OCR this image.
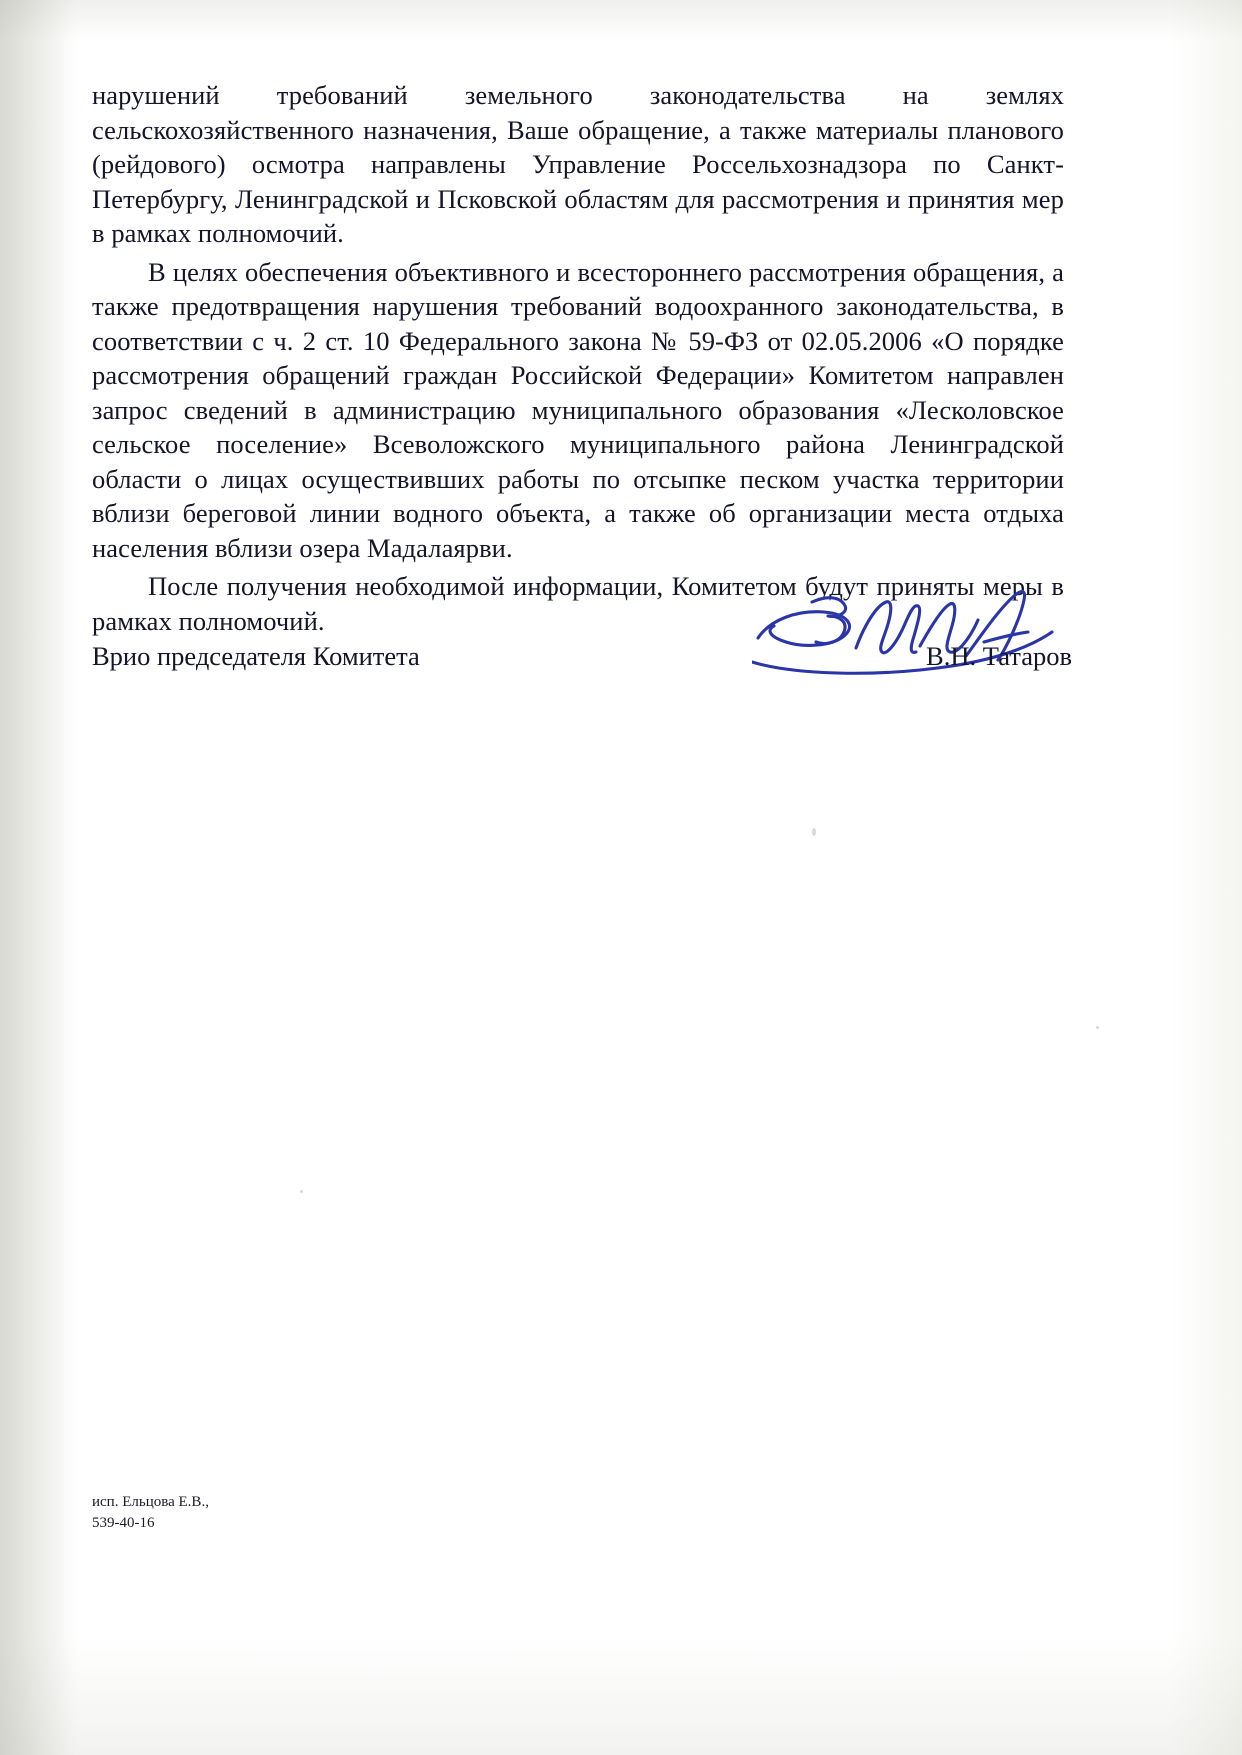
нарушений требований земельного законодательства на землях сельскохозяйственного назначения, Ваше обращение, а также материалы планового (рейдового) осмотра направлены Управление Россельхознадзора по Санкт-Петербургу, Ленинградской и Псковской областям для рассмотрения и принятия мер в рамках полномочий.

В целях обеспечения объективного и всестороннего рассмотрения обращения, а также предотвращения нарушения требований водоохранного законодательства, в соответствии с ч. 2 ст. 10 Федерального закона № 59-ФЗ от 02.05.2006 «О порядке рассмотрения обращений граждан Российской Федерации» Комитетом направлен запрос сведений в администрацию муниципального образования «Лесколовское сельское поселение» Всеволожского муниципального района Ленинградской области о лицах осуществивших работы по отсыпке песком участка территории вблизи береговой линии водного объекта, а также об организации места отдыха населения вблизи озера Мадалаярви.

После получения необходимой информации, Комитетом будут приняты меры в рамках полномочий.

Врио председателя Комитета	В.Н. Татаров
исп. Ельцова Е.В.,
539-40-16
